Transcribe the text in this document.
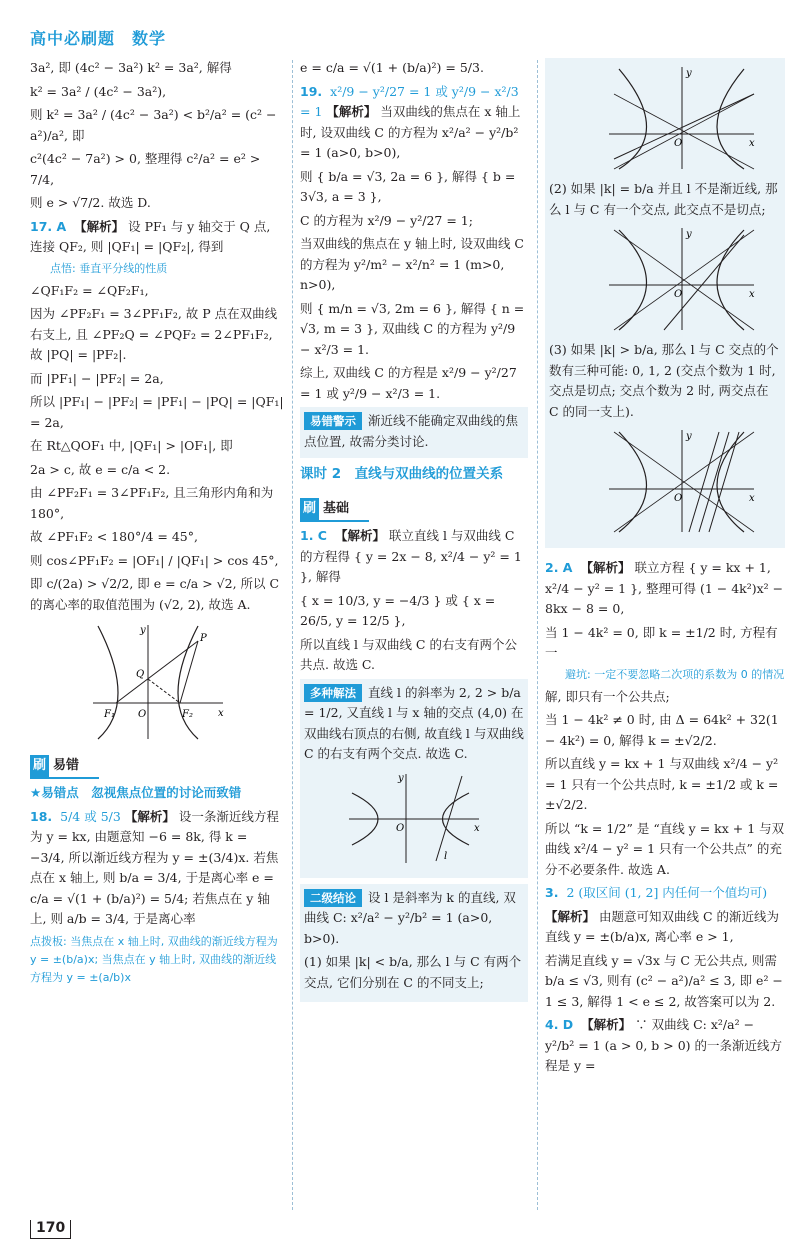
高中必刷题　数学
3a², 即 (4c² − 3a²) k² = 3a², 解得
k² = 3a² / (4c² − 3a²),
则 k² = 3a² / (4c² − 3a²) < b²/a² = (c² − a²)/a², 即
c²(4c² − 7a²) > 0, 整理得 c²/a² = e² > 7/4,
则 e > √7/2. 故选 D.
17. A 【解析】 设 PF₁ 与 y 轴交于 Q 点, 连接 QF₂, 则 |QF₁| = |QF₂|, 得到
点悟: 垂直平分线的性质
∠QF₁F₂ = ∠QF₂F₁,
因为 ∠PF₂F₁ = 3∠PF₁F₂, 故 P 点在双曲线右支上, 且 ∠PF₂Q = ∠PQF₂ = 2∠PF₁F₂, 故 |PQ| = |PF₂|.
而 |PF₁| − |PF₂| = 2a,
所以 |PF₁| − |PF₂| = |PF₁| − |PQ| = |QF₁| = 2a,
在 Rt△QOF₁ 中, |QF₁| > |OF₁|, 即
2a > c, 故 e = c/a < 2.
由 ∠PF₂F₁ = 3∠PF₁F₂, 且三角形内角和为 180°,
故 ∠PF₁F₂ < 180°/4 = 45°,
则 cos∠PF₁F₂ = |OF₁| / |QF₁| > cos 45°,
即 c/(2a) > √2/2, 即 e = c/a > √2, 所以 C 的离心率的取值范围为 (√2, 2), 故选 A.
y
x
P
Q
F₁ O	F₂
刷 易错
★易错点　忽视焦点位置的讨论而致错
18. 5/4 或 5/3 【解析】 设一条渐近线方程为 y = kx, 由题意知 −6 = 8k, 得 k = −3/4, 所以渐近线方程为 y = ±(3/4)x. 若焦点在 x 轴上, 则 b/a = 3/4, 于是离心率 e = c/a = √(1 + (b/a)²) = 5/4; 若焦点在 y 轴上, 则 a/b = 3/4, 于是离心率
点拨板: 当焦点在 x 轴上时, 双曲线的渐近线方程为 y = ±(b/a)x; 当焦点在 y 轴上时, 双曲线的渐近线方程为 y = ±(a/b)x
e = c/a = √(1 + (b/a)²) = 5/3.
19. x²/9 − y²/27 = 1 或 y²/9 − x²/3 = 1 【解析】 当双曲线的焦点在 x 轴上时, 设双曲线 C 的方程为 x²/a² − y²/b² = 1 (a>0, b>0),
则 { b/a = √3, 2a = 6 }, 解得 { b = 3√3, a = 3 },
C 的方程为 x²/9 − y²/27 = 1;
当双曲线的焦点在 y 轴上时, 设双曲线 C 的方程为 y²/m² − x²/n² = 1 (m>0, n>0),
则 { m/n = √3, 2m = 6 }, 解得 { n = √3, m = 3 }, 双曲线 C 的方程为 y²/9 − x²/3 = 1.
综上, 双曲线 C 的方程是 x²/9 − y²/27 = 1 或 y²/9 − x²/3 = 1.
易错警示 渐近线不能确定双曲线的焦点位置, 故需分类讨论.
课时 2　直线与双曲线的位置关系
刷 基础
1. C 【解析】 联立直线 l 与双曲线 C 的方程得 { y = 2x − 8, x²/4 − y² = 1 }, 解得
{ x = 10/3, y = −4/3 } 或 { x = 26/5, y = 12/5 },
所以直线 l 与双曲线 C 的右支有两个公共点. 故选 C.
多种解法 直线 l 的斜率为 2, 2 > b/a = 1/2, 又直线 l 与 x 轴的交点 (4,0) 在双曲线右顶点的右侧, 故直线 l 与双曲线 C 的右支有两个交点. 故选 C.
y
x
O
l
二级结论 设 l 是斜率为 k 的直线, 双曲线 C: x²/a² − y²/b² = 1 (a>0, b>0).
(1) 如果 |k| < b/a, 那么 l 与 C 有两个交点, 它们分别在 C 的不同支上;
y
x
O
(2) 如果 |k| = b/a 并且 l 不是渐近线, 那么 l 与 C 有一个交点, 此交点不是切点;
y
x
O
(3) 如果 |k| > b/a, 那么 l 与 C 交点的个数有三种可能: 0, 1, 2 (交点个数为 1 时, 交点是切点; 交点个数为 2 时, 两交点在 C 的同一支上).
y
x
O
2. A 【解析】 联立方程 { y = kx + 1, x²/4 − y² = 1 }, 整理可得 (1 − 4k²)x² − 8kx − 8 = 0,
当 1 − 4k² = 0, 即 k = ±1/2 时, 方程有一
避坑: 一定不要忽略二次项的系数为 0 的情况
解, 即只有一个公共点;
当 1 − 4k² ≠ 0 时, 由 Δ = 64k² + 32(1 − 4k²) = 0, 解得 k = ±√2/2.
所以直线 y = kx + 1 与双曲线 x²/4 − y² = 1 只有一个公共点时, k = ±1/2 或 k = ±√2/2.
所以 “k = 1/2” 是 “直线 y = kx + 1 与双曲线 x²/4 − y² = 1 只有一个公共点” 的充分不必要条件. 故选 A.
3. 2 (取区间 (1, 2] 内任何一个值均可)
【解析】 由题意可知双曲线 C 的渐近线为直线 y = ±(b/a)x, 离心率 e > 1,
若满足直线 y = √3x 与 C 无公共点, 则需 b/a ≤ √3, 则有 (c² − a²)/a² ≤ 3, 即 e² − 1 ≤ 3, 解得 1 < e ≤ 2, 故答案可以为 2.
4. D 【解析】 ∵ 双曲线 C: x²/a² − y²/b² = 1 (a > 0, b > 0) 的一条渐近线方程是 y =
170
